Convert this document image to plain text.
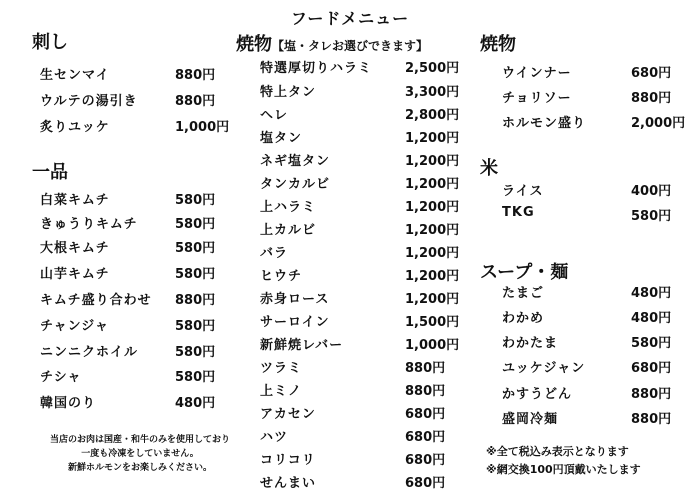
フードメニュー
刺し
生センマイ	880円
ウルテの湯引き	880円
炙りユッケ	1,000円
一品
白菜キムチ	580円
きゅうりキムチ	580円
大根キムチ	580円
山芋キムチ	580円
キムチ盛り合わせ 880円
チャンジャ	580円
ニンニクホイル	580円
チシャ	580円
韓国のり	480円
当店のお肉は国産・和牛のみを使用しており
一度も冷凍をしていません。
新鮮ホルモンをお楽しみください。
焼物【塩・タレお選びできます】
特選厚切りハラミ	2,500円
特上タン	3,300円
ヘレ	2,800円
塩タン	1,200円
ネギ塩タン	1,200円
タンカルビ	1,200円
上ハラミ	1,200円
上カルビ	1,200円
バラ	1,200円
ヒウチ	1,200円
赤身ロース	1,200円
サーロイン	1,500円
新鮮焼レバー	1,000円
ツラミ	880円
上ミノ	880円
アカセン	680円
ハツ	680円
コリコリ	680円
せんまい	680円
焼物
ウインナー	680円
チョリソー	880円
ホルモン盛り	2,000円
米
ライス	400円
TKG	580円
スープ・麺
たまご	480円
わかめ	480円
わかたま	580円
ユッケジャン	680円
かすうどん	880円
盛岡冷麺	880円
※全て税込み表示となります
※網交換100円頂戴いたします
